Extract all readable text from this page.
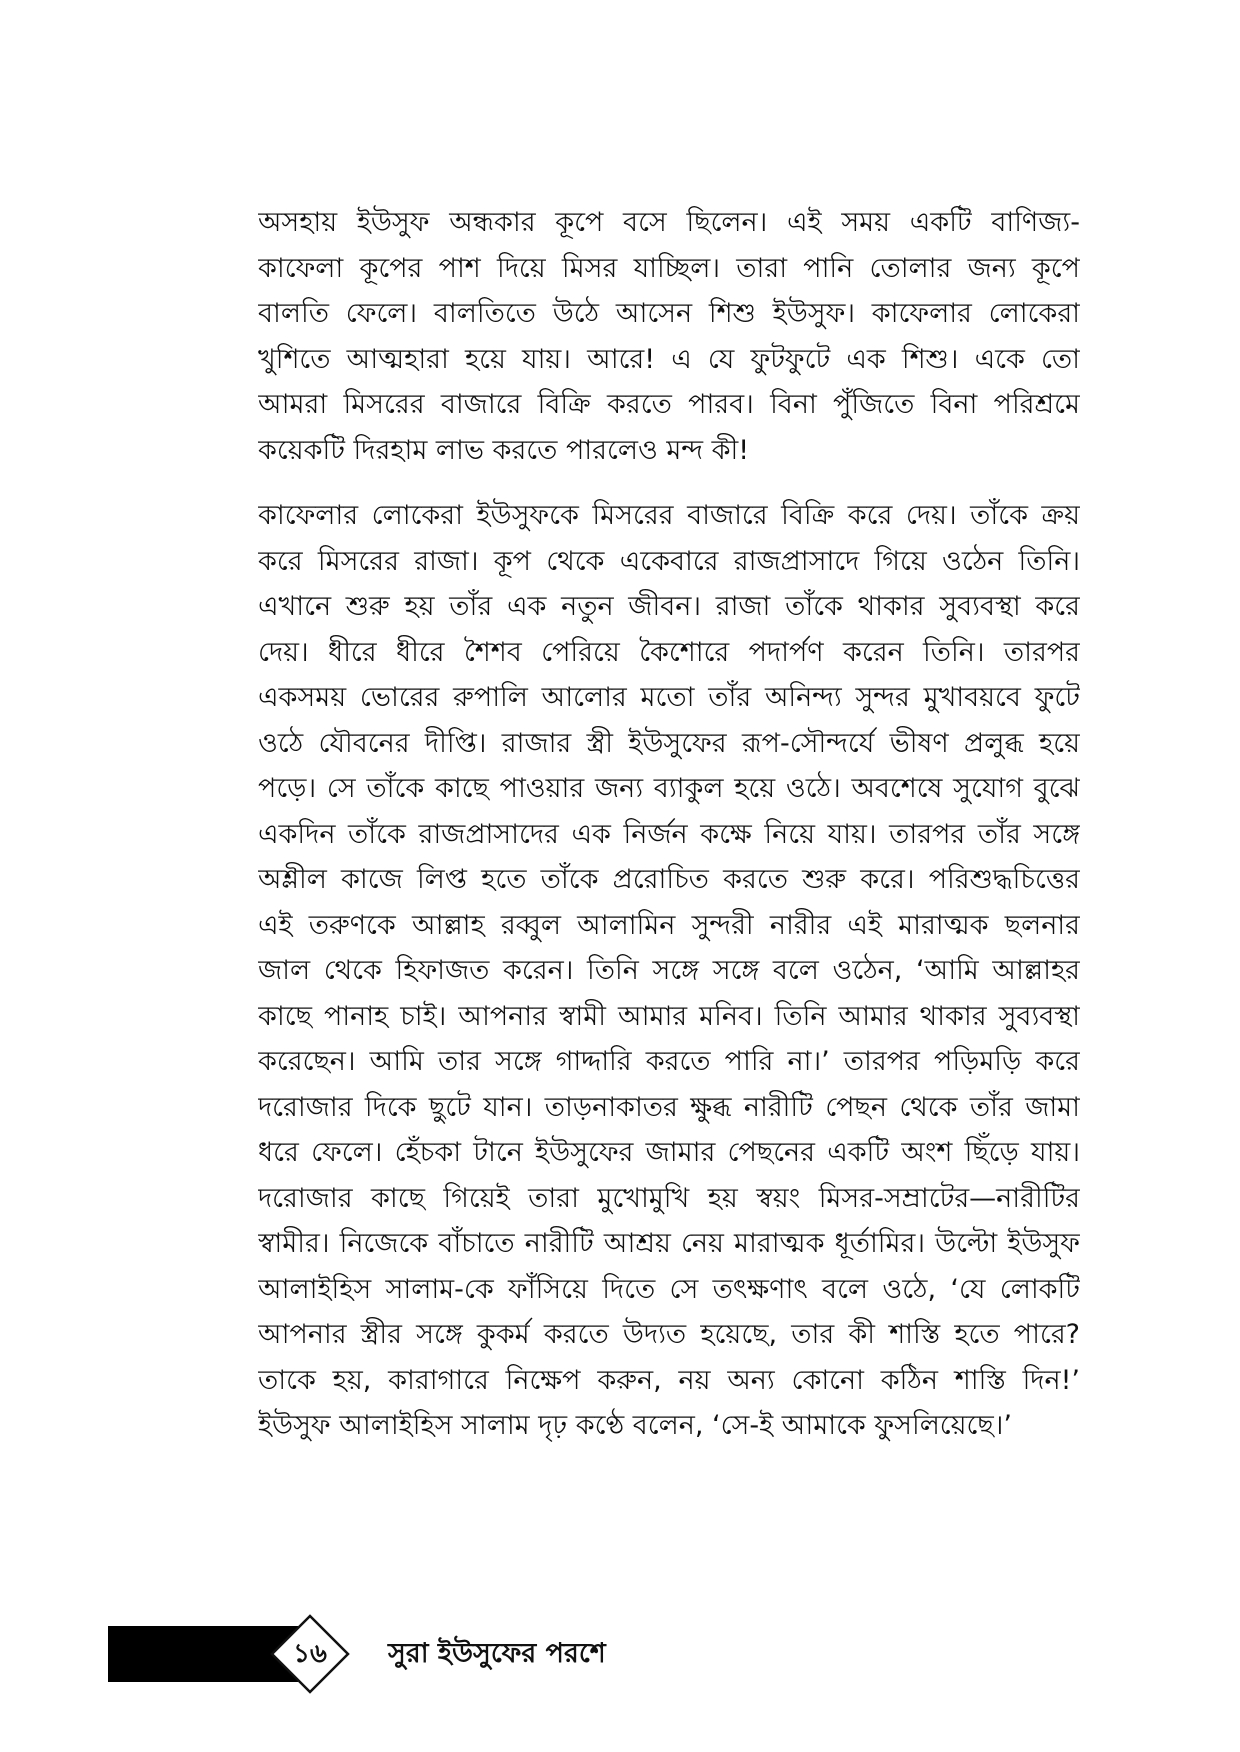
অসহায় ইউসুফ অন্ধকার কূপে বসে ছিলেন। এই সময় একটি বাণিজ্য-
কাফেলা কূপের পাশ দিয়ে মিসর যাচ্ছিল। তারা পানি তোলার জন্য কূপে
বালতি ফেলে। বালতিতে উঠে আসেন শিশু ইউসুফ। কাফেলার লোকেরা
খুশিতে আত্মহারা হয়ে যায়। আরে! এ যে ফুটফুটে এক শিশু। একে তো
আমরা মিসরের বাজারে বিক্রি করতে পারব। বিনা পুঁজিতে বিনা পরিশ্রমে
কয়েকটি দিরহাম লাভ করতে পারলেও মন্দ কী!

কাফেলার লোকেরা ইউসুফকে মিসরের বাজারে বিক্রি করে দেয়। তাঁকে ক্রয়
করে মিসরের রাজা। কূপ থেকে একেবারে রাজপ্রাসাদে গিয়ে ওঠেন তিনি।
এখানে শুরু হয় তাঁর এক নতুন জীবন। রাজা তাঁকে থাকার সুব্যবস্থা করে
দেয়। ধীরে ধীরে শৈশব পেরিয়ে কৈশোরে পদার্পণ করেন তিনি। তারপর
একসময় ভোরের রুপালি আলোর মতো তাঁর অনিন্দ্য সুন্দর মুখাবয়বে ফুটে
ওঠে যৌবনের দীপ্তি। রাজার স্ত্রী ইউসুফের রূপ-সৌন্দর্যে ভীষণ প্রলুব্ধ হয়ে
পড়ে। সে তাঁকে কাছে পাওয়ার জন্য ব্যাকুল হয়ে ওঠে। অবশেষে সুযোগ বুঝে
একদিন তাঁকে রাজপ্রাসাদের এক নির্জন কক্ষে নিয়ে যায়। তারপর তাঁর সঙ্গে
অশ্লীল কাজে লিপ্ত হতে তাঁকে প্ররোচিত করতে শুরু করে। পরিশুদ্ধচিত্তের
এই তরুণকে আল্লাহ রব্বুল আলামিন সুন্দরী নারীর এই মারাত্মক ছলনার
জাল থেকে হিফাজত করেন। তিনি সঙ্গে সঙ্গে বলে ওঠেন, ‘আমি আল্লাহর
কাছে পানাহ চাই। আপনার স্বামী আমার মনিব। তিনি আমার থাকার সুব্যবস্থা
করেছেন। আমি তার সঙ্গে গাদ্দারি করতে পারি না।’ তারপর পড়িমড়ি করে
দরোজার দিকে ছুটে যান। তাড়নাকাতর ক্ষুব্ধ নারীটি পেছন থেকে তাঁর জামা
ধরে ফেলে। হেঁচকা টানে ইউসুফের জামার পেছনের একটি অংশ ছিঁড়ে যায়।
দরোজার কাছে গিয়েই তারা মুখোমুখি হয় স্বয়ং মিসর-সম্রাটের—নারীটির
স্বামীর। নিজেকে বাঁচাতে নারীটি আশ্রয় নেয় মারাত্মক ধূর্তামির। উল্টো ইউসুফ
আলাইহিস সালাম-কে ফাঁসিয়ে দিতে সে তৎক্ষণাৎ বলে ওঠে, ‘যে লোকটি
আপনার স্ত্রীর সঙ্গে কুকর্ম করতে উদ্যত হয়েছে, তার কী শাস্তি হতে পারে?
তাকে হয়, কারাগারে নিক্ষেপ করুন, নয় অন্য কোনো কঠিন শাস্তি দিন!’
ইউসুফ আলাইহিস সালাম দৃঢ় কণ্ঠে বলেন, ‘সে-ই আমাকে ফুসলিয়েছে।’

১৬	সুরা ইউসুফের পরশে
